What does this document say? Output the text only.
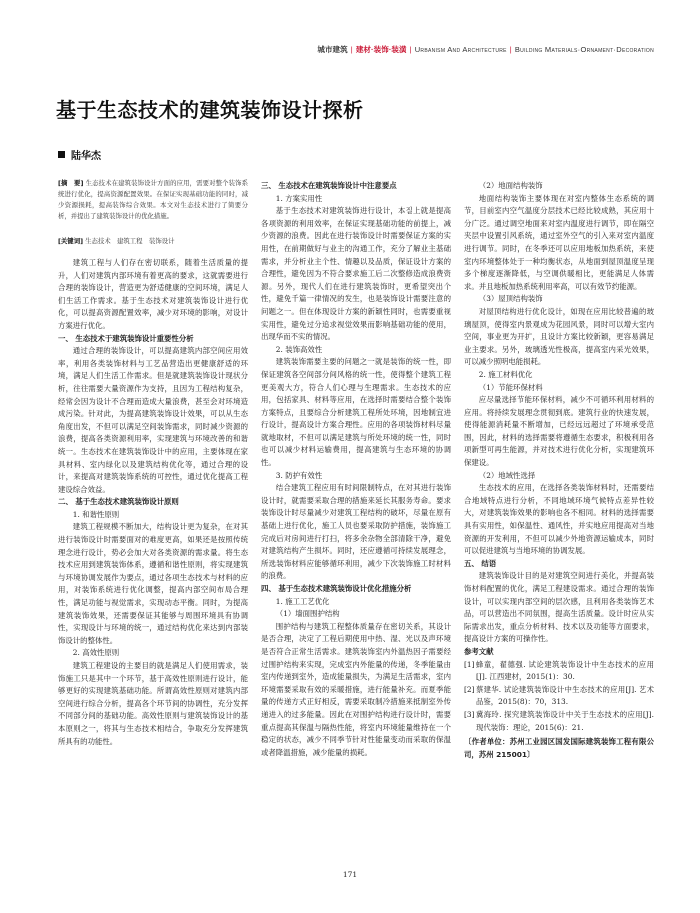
城市建筑 | 建材·装饰·装潢 | Urbanism And Architecture | Building Materials·Ornament·Decoration
基于生态技术的建筑装饰设计探析
陆华杰
[摘　要] 生态技术在建筑装饰设计方面的应用，需要对整个装饰系统进行优化，提高资源配置效果。在保证实现基础功能的同时，减少资源损耗，提高装饰综合效果。本文对生态技术进行了简要分析，并提出了建筑装饰设计的优化措施。
[关键词] 生态技术　建筑工程　装饰设计

建筑工程与人们存在密切联系，随着生活质量的提升，人们对建筑内部环境有着更高的要求，这就需要进行合理的装饰设计，营造更为舒适健康的空间环境，满足人们生活工作需求。基于生态技术对建筑装饰设计进行优化，可以提高资源配置效率，减少对环境的影响，对设计方案进行优化。

一、 生态技术于建筑装饰设计重要性分析

通过合理的装饰设计，可以提高建筑内部空间应用效率，利用各类装饰材料与工艺品营造出更健康舒适的环境，满足人们生活工作需求。但是就建筑装饰设计现状分析，往往需要大量资源作为支持，且因为工程结构复杂，经常会因为设计不合理而造成大量浪费，甚至会对环境造成污染。针对此，为提高建筑装饰设计效果，可以从生态角度出发，不但可以满足空间装饰需求，同时减少资源的浪费，提高各类资源利用率，实现建筑与环境改善的和谐统一。生态技术在建筑装饰设计中的应用，主要体现在家具材料、室内绿化以及建筑结构优化等，通过合理的设计，来提高对建筑装饰系统的可控性，通过优化提高工程建设综合效益。

二、 基于生态技术建筑装饰设计原则
1. 和谐性原则

建筑工程规模不断加大，结构设计更为复杂，在对其进行装饰设计时需要面对的难度更高，如果还是按照传统理念进行设计，势必会加大对各类资源的需求量。将生态技术应用到建筑装饰体系，遵循和谐性原则，将实现建筑与环境协调发展作为要点，通过各项生态技术与材料的应用，对装饰系统进行优化调整，提高内部空间布局合理性，满足功能与视觉需求，实现动态平衡。同时，为提高建筑装饰效果，还需要保证其能够与周围环境具有协调性，实现设计与环境的统一，通过结构优化来达到内部装饰设计的整体性。

2. 高效性原则

建筑工程建设的主要目的就是满足人们使用需求，装饰施工只是其中一个环节，基于高效性原则进行设计，能够更好的实现建筑基础功能。所谓高效性原则对建筑内部空间进行综合分析，提高各个环节间的协调性，充分发挥不同部分间的基础功能。高效性原则与建筑装饰设计的基本原则之一，将其与生态技术相结合，争取充分发挥建筑所具有的功能性。

三、 生态技术在建筑装饰设计中注意要点
1. 方案实用性

基于生态技术对建筑装饰进行设计，本질上就是提高各项资源的利用效率，在保证实现基础功能的前提上，减少资源的浪费。因此在进行装饰设计时需要保证方案的实用性，在前期做好与业主的沟通工作，充分了解业主基础需求，并分析业主个性、情趣以及品质，保证设计方案的合理性，避免因为不符合要求施工后二次整修造成浪费资源。另外，现代人们在进行建筑装饰时，更希望突出个性，避免千篇一律情况的发生，也是装饰设计需要注意的问题之一。但在体现设计方案的新颖性同时，也需要重视实用性，避免过分追求视觉效果而影响基础功能的使用，出现华而不实的情况。

2. 装饰高效性

建筑装饰需要主要的问题之一就是装饰的统一性，即保证建筑各空间部分间风格的统一性，使得整个建筑工程更美观大方，符合人们心理与生理需求。生态技术的应用，包括家具、材料等应用，在选择时需要结合整个装饰方案特点，且要综合分析建筑工程所处环境，因地制宜进行设计，提高设计方案合理性。应用的各项装饰材料尽量就地取材，不但可以满足建筑与所处环境的统一性，同时也可以减少材料运输费用，提高建筑与生态环境的协调性。

3. 防护有效性

结合建筑工程应用有时间限制特点，在对其进行装饰设计时，就需要采取合理的措施来延长其服务寿命。要求装饰设计时尽量减少对建筑工程结构的破坏，尽量在原有基础上进行优化，施工人员也要采取防护措施，装饰施工完成后对房间进行打扫，将多余杂物全部清除干净，避免对建筑结构产生损坏。同时，还应遵循可持续发展理念，所选装饰材料应能够循环利用，减少下次装饰施工时材料的浪费。

四、 基于生态技术建筑装饰设计优化措施分析
1. 施工工艺优化
（1）墙面围护结构

围护结构与建筑工程整体质量存在密切关系，其设计是否合理，决定了工程后期使用中热、湿、光以及声环境是否符合正常生活需求。建筑装饰室内外温热因子需要经过围护结构来实现，完成室内外能量的传递，冬季能量由室内传递到室外，造成能量损失，为满足生活需求，室内环境需要采取有效的采暖措施，进行能量补充。而夏季能量的传递方式正好相反，需要采取制冷措施来抵制室外传递进入的过多能量。因此在对围护结构进行设计时，需要重点提高其保温与隔热性能，将室内环境能量维持在一个稳定的状态，减少不同季节针对性能量变动而采取的保温或者降温措施，减少能量的损耗。

（2）地面结构装饰

地面结构装饰主要体现在对室内整体生态系统的调节，目前室内空气温度分层技术已经比较成熟，其应用十分广泛。通过调空地面来对室内温度进行调节，即在隔空夹层中设置引风系统，通过室外空气的引入来对室内温度进行调节。同时，在冬季还可以应用地板加热系统，来使室内环境整体处于一种均衡状态，从地面到屋顶温度呈现多个梯度逐渐降低，与空调供暖相比，更能满足人体需求。并且地板加热系统利用率高，可以有效节约能源。

（3）屋顶结构装饰

对屋顶结构进行优化设计，如现在应用比较普遍的玻璃屋顶，使得室内景观成为花园风景，同时可以增大室内空间，事业更为开扩，且设计方案比较新颖，更容易满足业主要求。另外，玻璃透光性极高，提高室内采光效果，可以减少照明电能损耗。

2. 施工材料优化
（1）节能环保材料

应尽量选择节能环保材料，减少不可循环利用材料的应用。将持续发展理念贯彻到底。建筑行业的快速发展，使得能源消耗量不断增加，已经远远超过了环境承受范围，因此，材料的选择需要将遵循生态要求，积极利用各项新型可再生能源，并对技术进行优化分析，实现建筑环保建设。

（2）地域性选择

生态技术的应用，在选择各类装饰材料时，还需要结合地域特点进行分析，不同地域环境气候特点差异性较大，对建筑装饰效果的影响也各不相同。材料的选择需要具有实用性，如保温性、通风性，并实地应用提高对当地资源的开发利用，不但可以减少外地资源运输成本，同时可以促进建筑与当地环境的协调发展。

五、 结语

建筑装饰设计目的是对建筑空间进行美化，并提高装饰材料配置的优化，满足工程建设需求。通过合理的装饰设计，可以实现内部空间的层次感，且利用各类装饰艺术品，可以营造出不同氛围，提高生活质量。设计时应从实际需求出发，重点分析材料、技术以及功能等方面要求，提高设计方案的可操作性。

参考文献

[1] 蜂童，翟德强. 试论建筑装饰设计中生态技术的应用[J]. 江西建材，2015(1)：30.

[2] 蔡建华. 试论建筑装饰设计中生态技术的应用[J]. 艺术品鉴，2015(8)：70，313.

[3] 冀海玲. 探究建筑装饰设计中关于生态技术的应用[J]. 现代装饰：理论，2015(6)：21.

〔作者单位：苏州工业园区国发国际建筑装饰工程有限公司，苏州 215001〕
171
